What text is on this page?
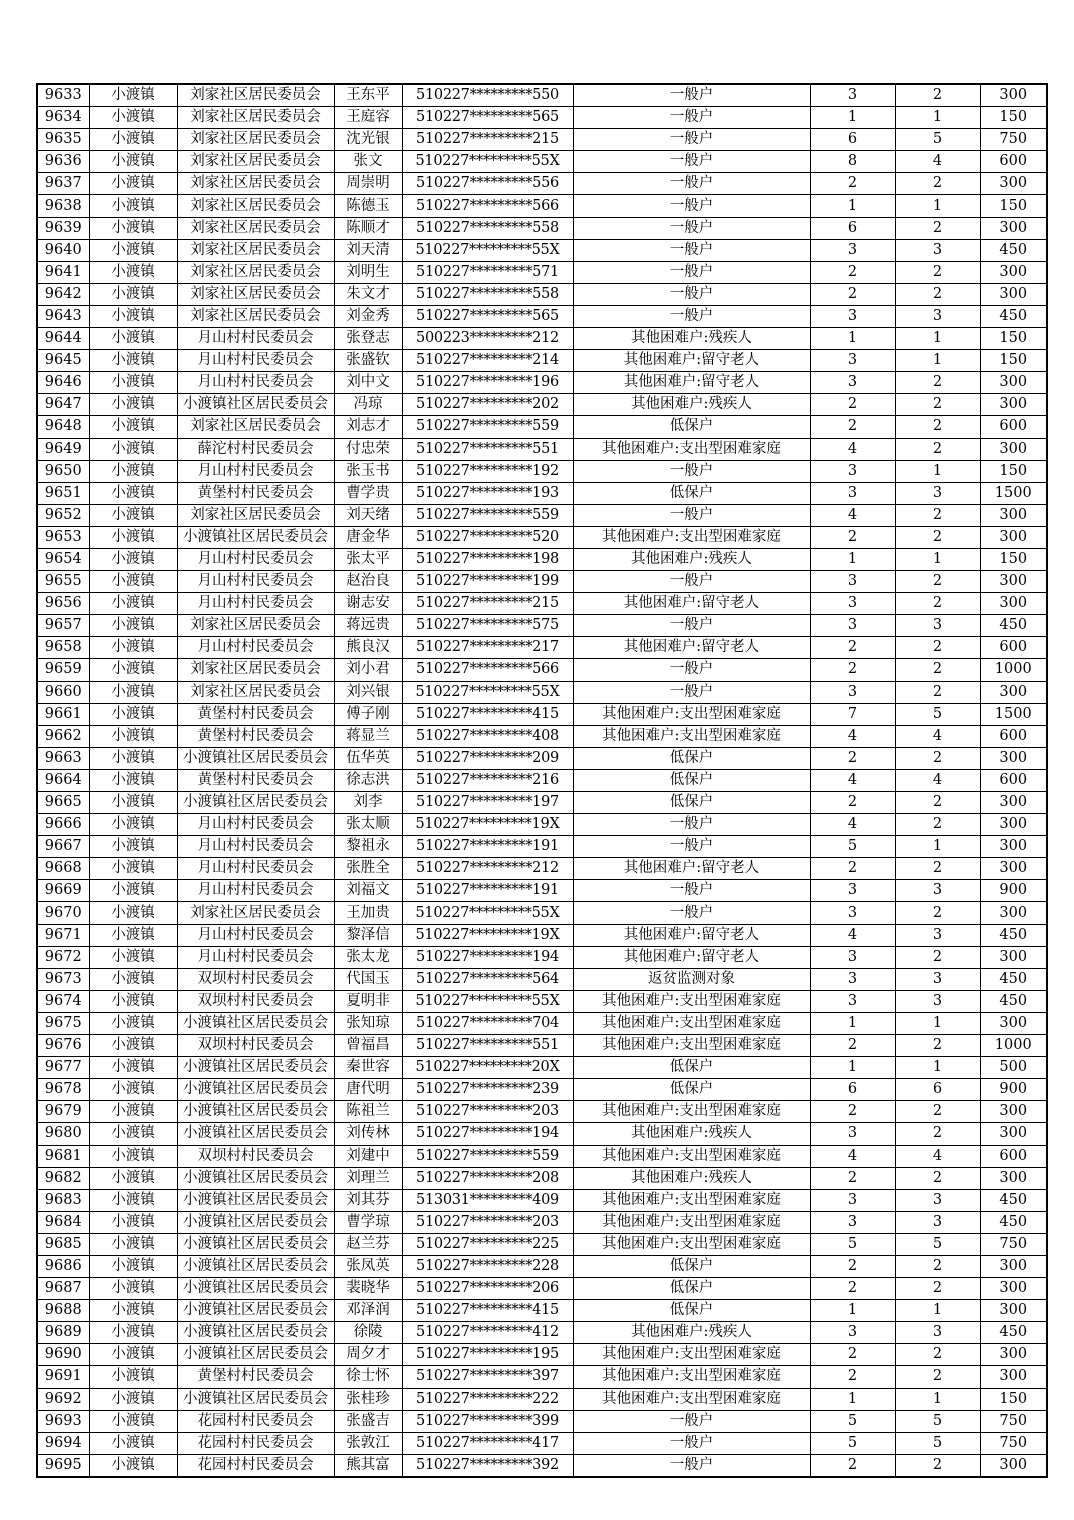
9633	小渡镇	刘家社区居民委员会	王东平	510227*********550	一般户	3	2	300
9634	小渡镇	刘家社区居民委员会	王庭容	510227*********565	一般户	1	1	150
9635	小渡镇	刘家社区居民委员会	沈光银	510227*********215	一般户	6	5	750
9636	小渡镇	刘家社区居民委员会	张文	510227*********55X	一般户	8	4	600
9637	小渡镇	刘家社区居民委员会	周崇明	510227*********556	一般户	2	2	300
9638	小渡镇	刘家社区居民委员会	陈德玉	510227*********566	一般户	1	1	150
9639	小渡镇	刘家社区居民委员会	陈顺才	510227*********558	一般户	6	2	300
9640	小渡镇	刘家社区居民委员会	刘天清	510227*********55X	一般户	3	3	450
9641	小渡镇	刘家社区居民委员会	刘明生	510227*********571	一般户	2	2	300
9642	小渡镇	刘家社区居民委员会	朱文才	510227*********558	一般户	2	2	300
9643	小渡镇	刘家社区居民委员会	刘金秀	510227*********565	一般户	3	3	450
9644	小渡镇	月山村村民委员会	张登志	500223*********212	其他困难户:残疾人	1	1	150
9645	小渡镇	月山村村民委员会	张盛钦	510227*********214	其他困难户:留守老人	3	1	150
9646	小渡镇	月山村村民委员会	刘中文	510227*********196	其他困难户:留守老人	3	2	300
9647	小渡镇	小渡镇社区居民委员会	冯琼	510227*********202	其他困难户:残疾人	2	2	300
9648	小渡镇	刘家社区居民委员会	刘志才	510227*********559	低保户	2	2	600
9649	小渡镇	薛沱村村民委员会	付忠荣	510227*********551	其他困难户:支出型困难家庭	4	2	300
9650	小渡镇	月山村村民委员会	张玉书	510227*********192	一般户	3	1	150
9651	小渡镇	黄堡村村民委员会	曹学贵	510227*********193	低保户	3	3	1500
9652	小渡镇	刘家社区居民委员会	刘天绪	510227*********559	一般户	4	2	300
9653	小渡镇	小渡镇社区居民委员会	唐金华	510227*********520	其他困难户:支出型困难家庭	2	2	300
9654	小渡镇	月山村村民委员会	张太平	510227*********198	其他困难户:残疾人	1	1	150
9655	小渡镇	月山村村民委员会	赵治良	510227*********199	一般户	3	2	300
9656	小渡镇	月山村村民委员会	谢志安	510227*********215	其他困难户:留守老人	3	2	300
9657	小渡镇	刘家社区居民委员会	蒋远贵	510227*********575	一般户	3	3	450
9658	小渡镇	月山村村民委员会	熊良汉	510227*********217	其他困难户:留守老人	2	2	600
9659	小渡镇	刘家社区居民委员会	刘小君	510227*********566	一般户	2	2	1000
9660	小渡镇	刘家社区居民委员会	刘兴银	510227*********55X	一般户	3	2	300
9661	小渡镇	黄堡村村民委员会	傅子刚	510227*********415	其他困难户:支出型困难家庭	7	5	1500
9662	小渡镇	黄堡村村民委员会	蒋显兰	510227*********408	其他困难户:支出型困难家庭	4	4	600
9663	小渡镇	小渡镇社区居民委员会	伍华英	510227*********209	低保户	2	2	300
9664	小渡镇	黄堡村村民委员会	徐志洪	510227*********216	低保户	4	4	600
9665	小渡镇	小渡镇社区居民委员会	刘李	510227*********197	低保户	2	2	300
9666	小渡镇	月山村村民委员会	张太顺	510227*********19X	一般户	4	2	300
9667	小渡镇	月山村村民委员会	黎祖永	510227*********191	一般户	5	1	300
9668	小渡镇	月山村村民委员会	张胜全	510227*********212	其他困难户:留守老人	2	2	300
9669	小渡镇	月山村村民委员会	刘福文	510227*********191	一般户	3	3	900
9670	小渡镇	刘家社区居民委员会	王加贵	510227*********55X	一般户	3	2	300
9671	小渡镇	月山村村民委员会	黎泽信	510227*********19X	其他困难户:留守老人	4	3	450
9672	小渡镇	月山村村民委员会	张太龙	510227*********194	其他困难户:留守老人	3	2	300
9673	小渡镇	双坝村村民委员会	代国玉	510227*********564	返贫监测对象	3	3	450
9674	小渡镇	双坝村村民委员会	夏明非	510227*********55X	其他困难户:支出型困难家庭	3	3	450
9675	小渡镇	小渡镇社区居民委员会	张知琼	510227*********704	其他困难户:支出型困难家庭	1	1	300
9676	小渡镇	双坝村村民委员会	曾福昌	510227*********551	其他困难户:支出型困难家庭	2	2	1000
9677	小渡镇	小渡镇社区居民委员会	秦世容	510227*********20X	低保户	1	1	500
9678	小渡镇	小渡镇社区居民委员会	唐代明	510227*********239	低保户	6	6	900
9679	小渡镇	小渡镇社区居民委员会	陈祖兰	510227*********203	其他困难户:支出型困难家庭	2	2	300
9680	小渡镇	小渡镇社区居民委员会	刘传林	510227*********194	其他困难户:残疾人	3	2	300
9681	小渡镇	双坝村村民委员会	刘建中	510227*********559	其他困难户:支出型困难家庭	4	4	600
9682	小渡镇	小渡镇社区居民委员会	刘理兰	510227*********208	其他困难户:残疾人	2	2	300
9683	小渡镇	小渡镇社区居民委员会	刘其芬	513031*********409	其他困难户:支出型困难家庭	3	3	450
9684	小渡镇	小渡镇社区居民委员会	曹学琼	510227*********203	其他困难户:支出型困难家庭	3	3	450
9685	小渡镇	小渡镇社区居民委员会	赵兰芬	510227*********225	其他困难户:支出型困难家庭	5	5	750
9686	小渡镇	小渡镇社区居民委员会	张凤英	510227*********228	低保户	2	2	300
9687	小渡镇	小渡镇社区居民委员会	裴晓华	510227*********206	低保户	2	2	300
9688	小渡镇	小渡镇社区居民委员会	邓泽润	510227*********415	低保户	1	1	300
9689	小渡镇	小渡镇社区居民委员会	徐陵	510227*********412	其他困难户:残疾人	3	3	450
9690	小渡镇	小渡镇社区居民委员会	周夕才	510227*********195	其他困难户:支出型困难家庭	2	2	300
9691	小渡镇	黄堡村村民委员会	徐士怀	510227*********397	其他困难户:支出型困难家庭	2	2	300
9692	小渡镇	小渡镇社区居民委员会	张桂珍	510227*********222	其他困难户:支出型困难家庭	1	1	150
9693	小渡镇	花园村村民委员会	张盛吉	510227*********399	一般户	5	5	750
9694	小渡镇	花园村村民委员会	张敦江	510227*********417	一般户	5	5	750
9695	小渡镇	花园村村民委员会	熊其富	510227*********392	一般户	2	2	300
